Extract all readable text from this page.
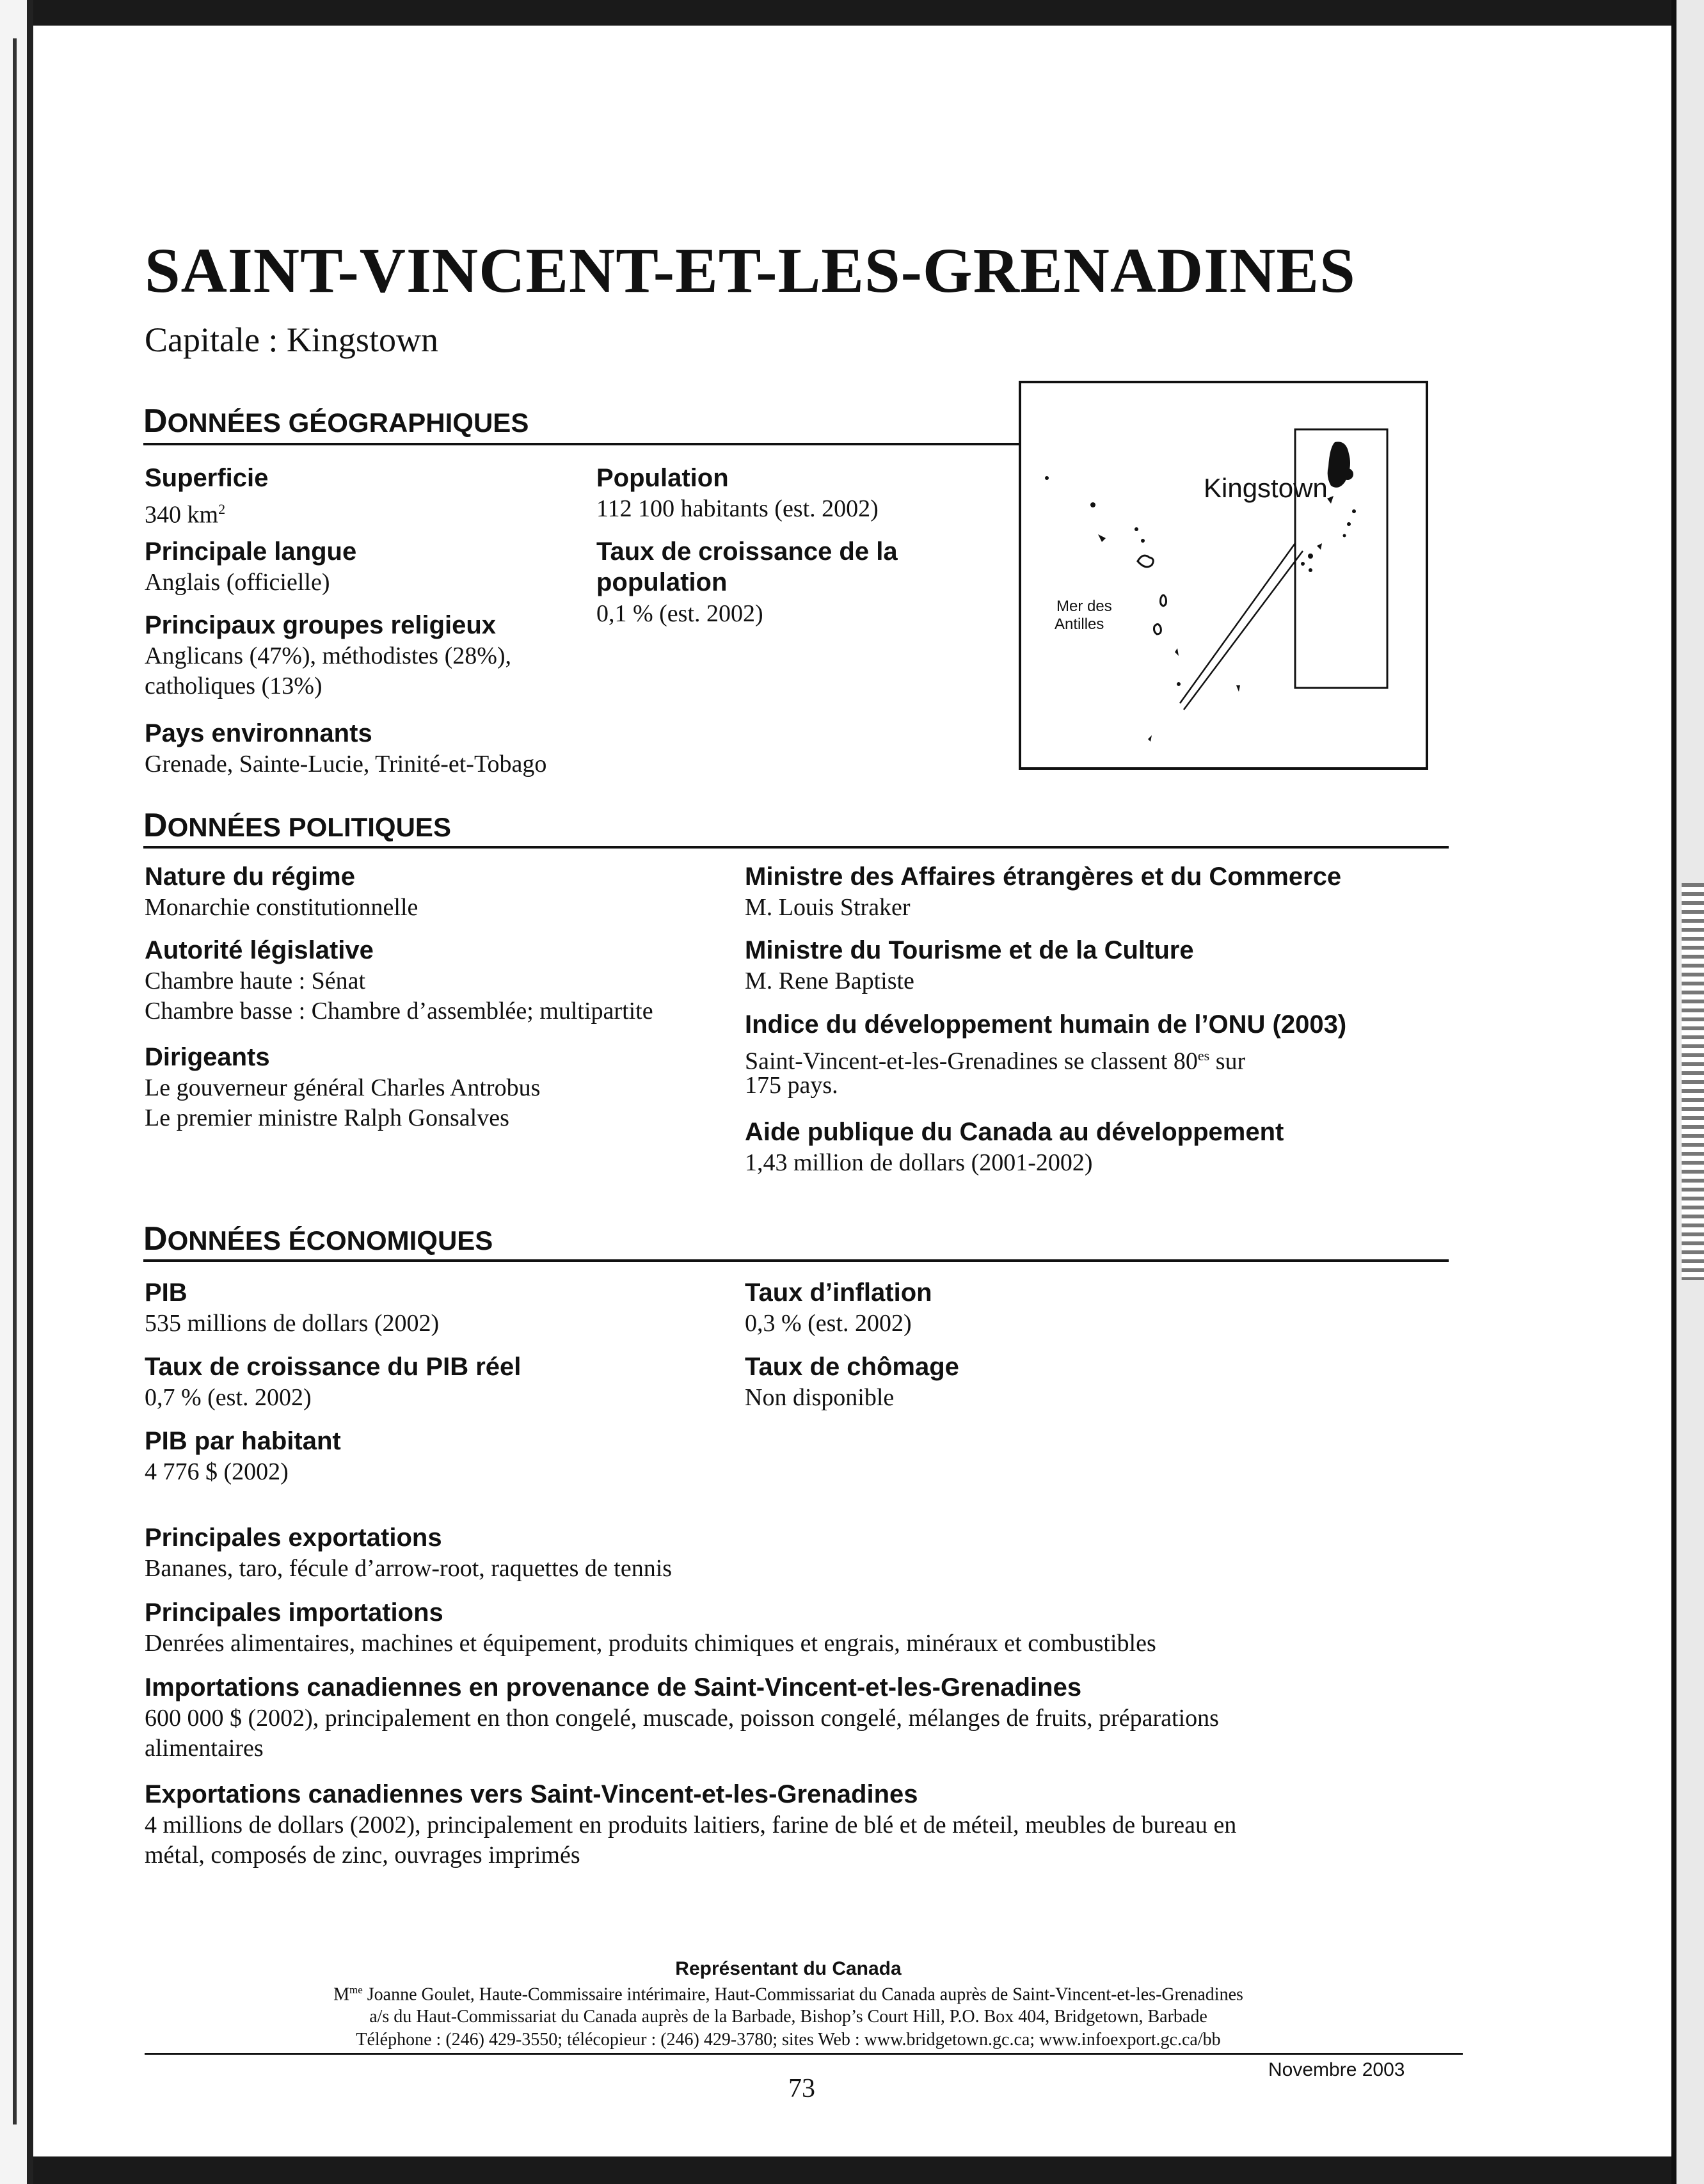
SAINT-VINCENT-ET-LES-GRENADINES
Capitale : Kingstown
DONNÉES GÉOGRAPHIQUES
Superficie
340 $km^2$
Principale langue
Anglais (officielle)
Principaux groupes religieux
Anglicans (47%), méthodistes (28%),
catholiques (13%)
Pays environnants
Grenade, Sainte-Lucie, Trinité-et-Tobago
Population
112 100 habitants (est. 2002)
Taux de croissance de la
population
0,1 % (est. 2002)
Kingstown
Mer des
Antilles
DONNÉES POLITIQUES
Nature du régime
Monarchie constitutionnelle
Autorité législative
Chambre haute : Sénat
Chambre basse : Chambre d’assemblée; multipartite
Dirigeants
Le gouverneur général Charles Antrobus
Le premier ministre Ralph Gonsalves
Ministre des Affaires étrangères et du Commerce
M. Louis Straker
Ministre du Tourisme et de la Culture
M. Rene Baptiste
Indice du développement humain de l’ONU (2003)
Saint-Vincent-et-les-Grenadines se classent $80^{es}$ sur
175 pays.
Aide publique du Canada au développement
1,43 million de dollars (2001-2002)
DONNÉES ÉCONOMIQUES
PIB
535 millions de dollars (2002)
Taux de croissance du PIB réel
0,7 % (est. 2002)
PIB par habitant
4 776 $ (2002)
Taux d’inflation
0,3 % (est. 2002)
Taux de chômage
Non disponible
Principales exportations
Bananes, taro, fécule d’arrow-root, raquettes de tennis
Principales importations
Denrées alimentaires, machines et équipement, produits chimiques et engrais, minéraux et combustibles
Importations canadiennes en provenance de Saint-Vincent-et-les-Grenadines
600 000 $ (2002), principalement en thon congelé, muscade, poisson congelé, mélanges de fruits, préparations
alimentaires
Exportations canadiennes vers Saint-Vincent-et-les-Grenadines
4 millions de dollars (2002), principalement en produits laitiers, farine de blé et de méteil, meubles de bureau en
métal, composés de zinc, ouvrages imprimés
Représentant du Canada
$M^{me}$ Joanne Goulet, Haute-Commissaire intérimaire, Haut-Commissariat du Canada auprès de Saint-Vincent-et-les-Grenadines
a/s du Haut-Commissariat du Canada auprès de la Barbade, Bishop’s Court Hill, P.O. Box 404, Bridgetown, Barbade
Téléphone : (246) 429-3550; télécopieur : (246) 429-3780; sites Web : www.bridgetown.gc.ca; www.infoexport.gc.ca/bb
Novembre 2003
73
